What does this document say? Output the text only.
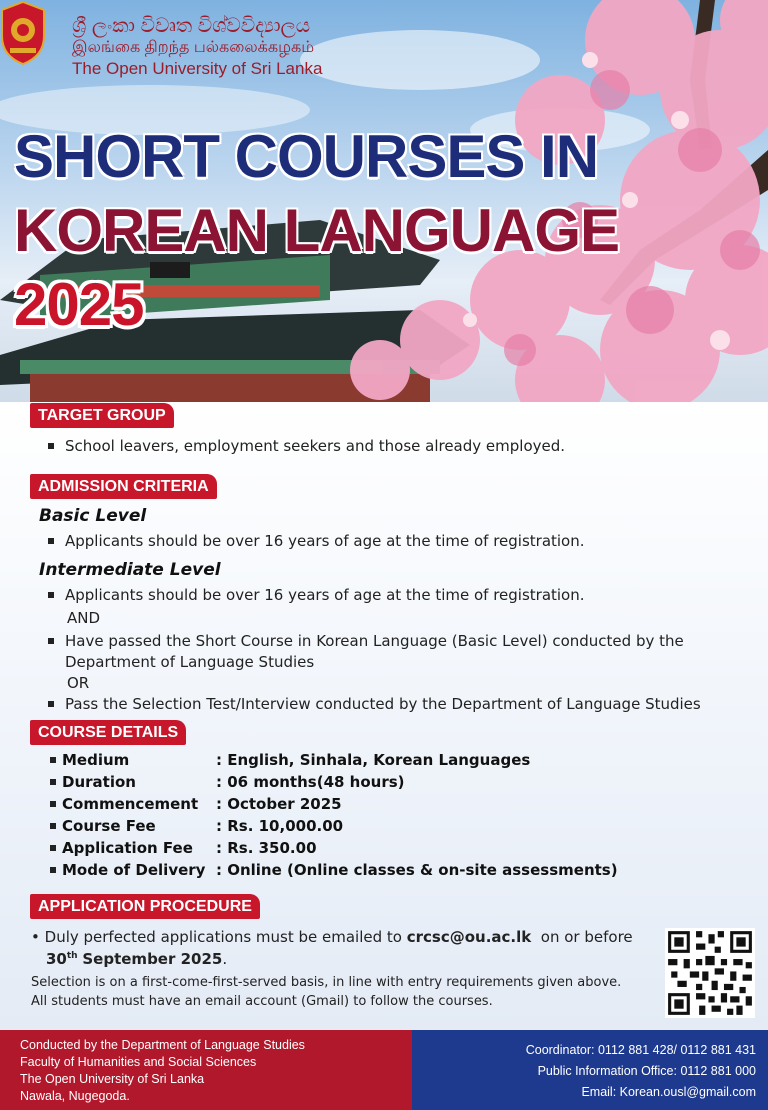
ශ්‍රී ලංකා විවෘත විශ්වවිද්‍යාලය
இலங்கை திறந்த பல்கலைக்கழகம்
The Open University of Sri Lanka
SHORT COURSES IN
KOREAN LANGUAGE
2025
TARGET GROUP
School leavers, employment seekers and those already employed.
ADMISSION CRITERIA
Basic Level
Applicants should be over 16 years of age at the time of registration.
Intermediate Level
Applicants should be over 16 years of age at the time of registration.
AND
Have passed the Short Course in Korean Language (Basic Level) conducted by the
Department of Language Studies
OR
Pass the Selection Test/Interview conducted by the Department of Language Studies
COURSE DETAILS
Medium	: English, Sinhala, Korean Languages
Duration	: 06 months(48 hours)
Commencement : October 2025
Course Fee	: Rs. 10,000.00
Application Fee : Rs. 350.00
Mode of Delivery : Online (Online classes & on-site assessments)
APPLICATION PROCEDURE
• Duly perfected applications must be emailed to crcsc@ou.ac.lk on or before
30th September 2025.
Selection is on a first-come-first-served basis, in line with entry requirements given above.
All students must have an email account (Gmail) to follow the courses.
Conducted by the Department of Language Studies
Faculty of Humanities and Social Sciences
The Open University of Sri Lanka
Nawala, Nugegoda.
Coordinator: 0112 881 428/ 0112 881 431
Public Information Office: 0112 881 000
Email: Korean.ousl@gmail.com
